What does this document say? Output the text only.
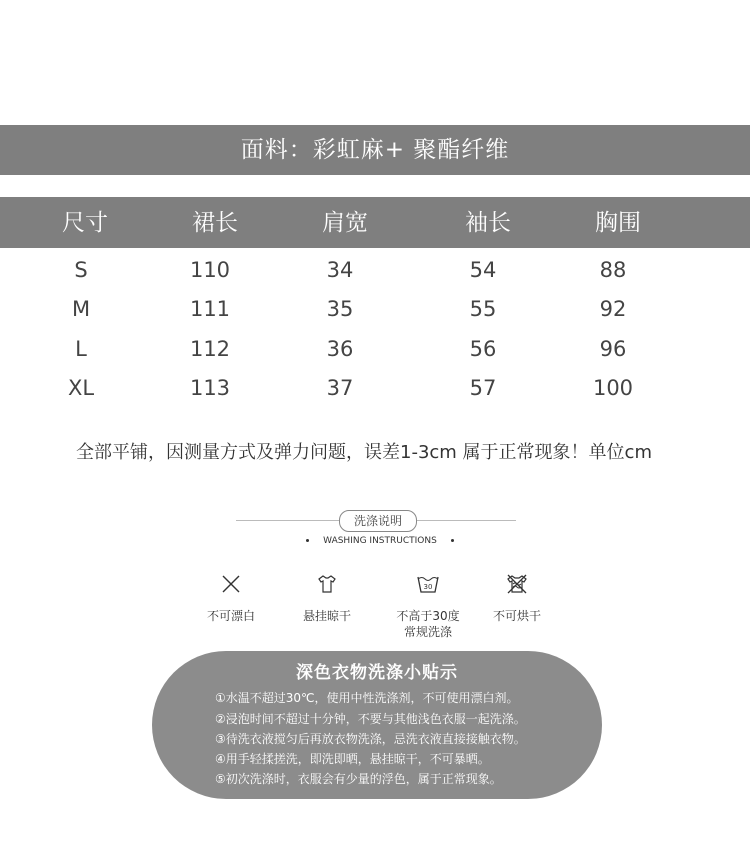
面料：彩虹麻+ 聚酯纤维
尺寸	裙长	肩宽	袖长	胸围
S	110	34	54	88
M	111	35	55	92
L	112	36	56	96
XL	113	37	57	100
全部平铺，因测量方式及弹力问题，误差1-3cm 属于正常现象！单位cm
洗涤说明
WASHING INSTRUCTIONS
不可漂白	悬挂晾干
30
不高于30度
常规洗涤
不可烘干
深色衣物洗涤小贴示
①水温不超过30℃，使用中性洗涤剂，不可使用漂白剂。
②浸泡时间不超过十分钟，不要与其他浅色衣服一起洗涤。
③待洗衣液搅匀后再放衣物洗涤，忌洗衣液直接接触衣物。
④用手轻揉搓洗，即洗即晒，悬挂晾干，不可暴晒。
⑤初次洗涤时，衣服会有少量的浮色，属于正常现象。
